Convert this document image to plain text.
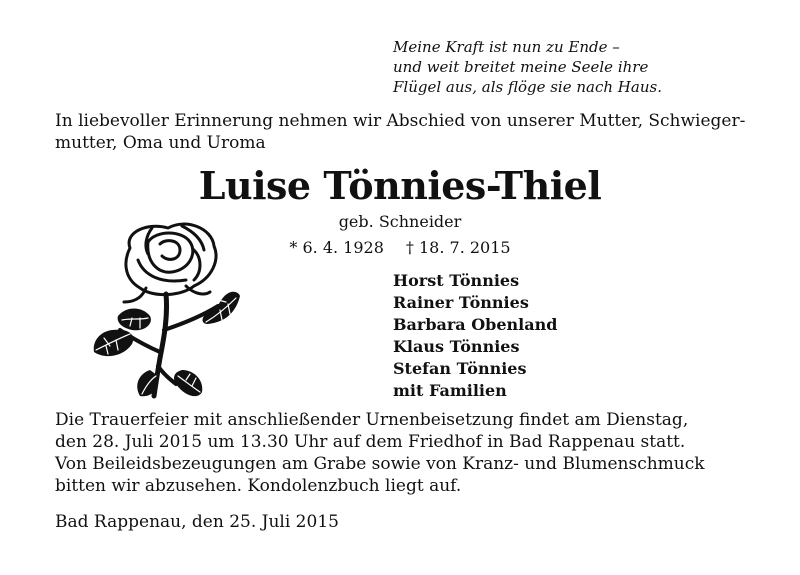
Meine Kraft ist nun zu Ende –
und weit breitet meine Seele ihre
Flügel aus, als flöge sie nach Haus.
In liebevoller Erinnerung nehmen wir Abschied von unserer Mutter, Schwieger-
mutter, Oma und Uroma
Luise Tönnies-Thiel
geb. Schneider
* 6. 4. 1928 † 18. 7. 2015
Horst Tönnies
Rainer Tönnies
Barbara Obenland
Klaus Tönnies
Stefan Tönnies
mit Familien
Die Trauerfeier mit anschließender Urnenbeisetzung findet am Dienstag,
den 28. Juli 2015 um 13.30 Uhr auf dem Friedhof in Bad Rappenau statt.
Von Beileidsbezeugungen am Grabe sowie von Kranz- und Blumenschmuck
bitten wir abzusehen. Kondolenzbuch liegt auf.
Bad Rappenau, den 25. Juli 2015
